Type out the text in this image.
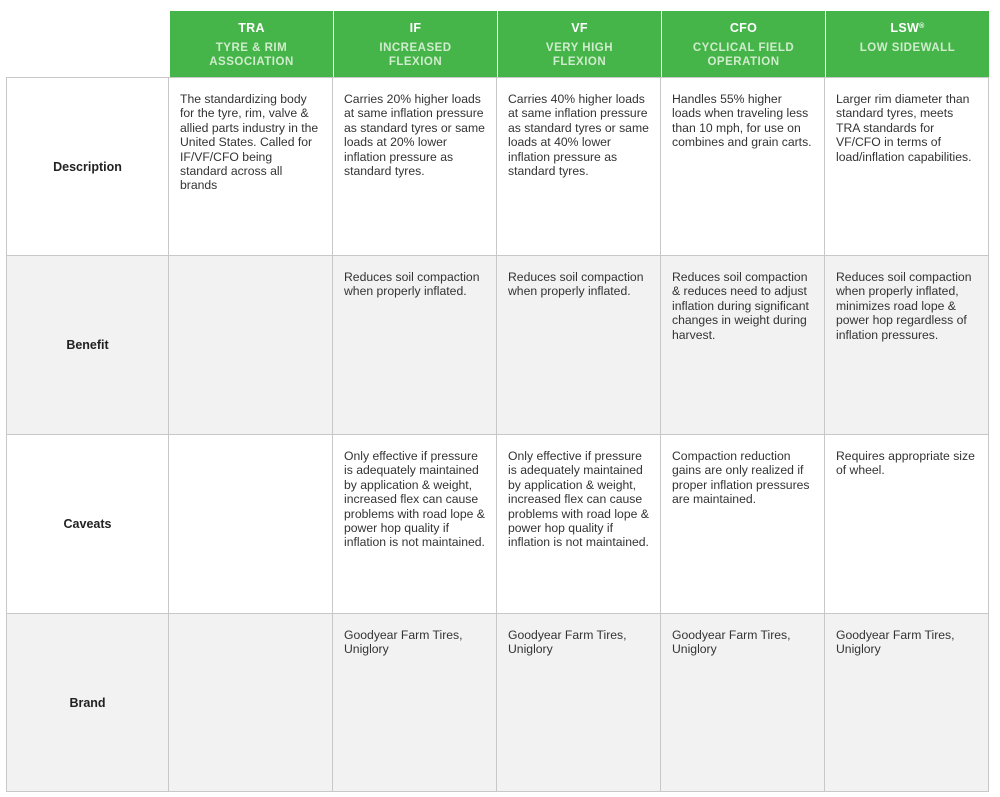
TRA
TYRE & RIM ASSOCIATION
IF
INCREASED FLEXION
VF
VERY HIGH FLEXION
CFO
CYCLICAL FIELD OPERATION
LSW®
LOW SIDEWALL
Description
The standardizing body for the tyre, rim, valve & allied parts industry in the United States. Called for IF/VF/CFO being standard across all brands
Carries 20% higher loads at same inflation pressure as standard tyres or same loads at 20% lower inflation pressure as standard tyres.
Carries 40% higher loads at same inflation pressure as standard tyres or same loads at 40% lower inflation pressure as standard tyres.
Handles 55% higher loads when traveling less than 10 mph, for use on combines and grain carts.
Larger rim diameter than standard tyres, meets TRA standards for VF/CFO in terms of load/inflation capabilities.
Benefit
Reduces soil compaction when properly inflated.
Reduces soil compaction when properly inflated.
Reduces soil compaction & reduces need to adjust inflation during significant changes in weight during harvest.
Reduces soil compaction when properly inflated, minimizes road lope & power hop regardless of inflation pressures.
Caveats
Only effective if pressure is adequately maintained by application & weight, increased flex can cause problems with road lope & power hop quality if inflation is not maintained.
Only effective if pressure is adequately maintained by application & weight, increased flex can cause problems with road lope & power hop quality if inflation is not maintained.
Compaction reduction gains are only realized if proper inflation pressures are maintained.
Requires appropriate size of wheel.
Brand
Goodyear Farm Tires, Uniglory
Goodyear Farm Tires, Uniglory
Goodyear Farm Tires, Uniglory
Goodyear Farm Tires, Uniglory
